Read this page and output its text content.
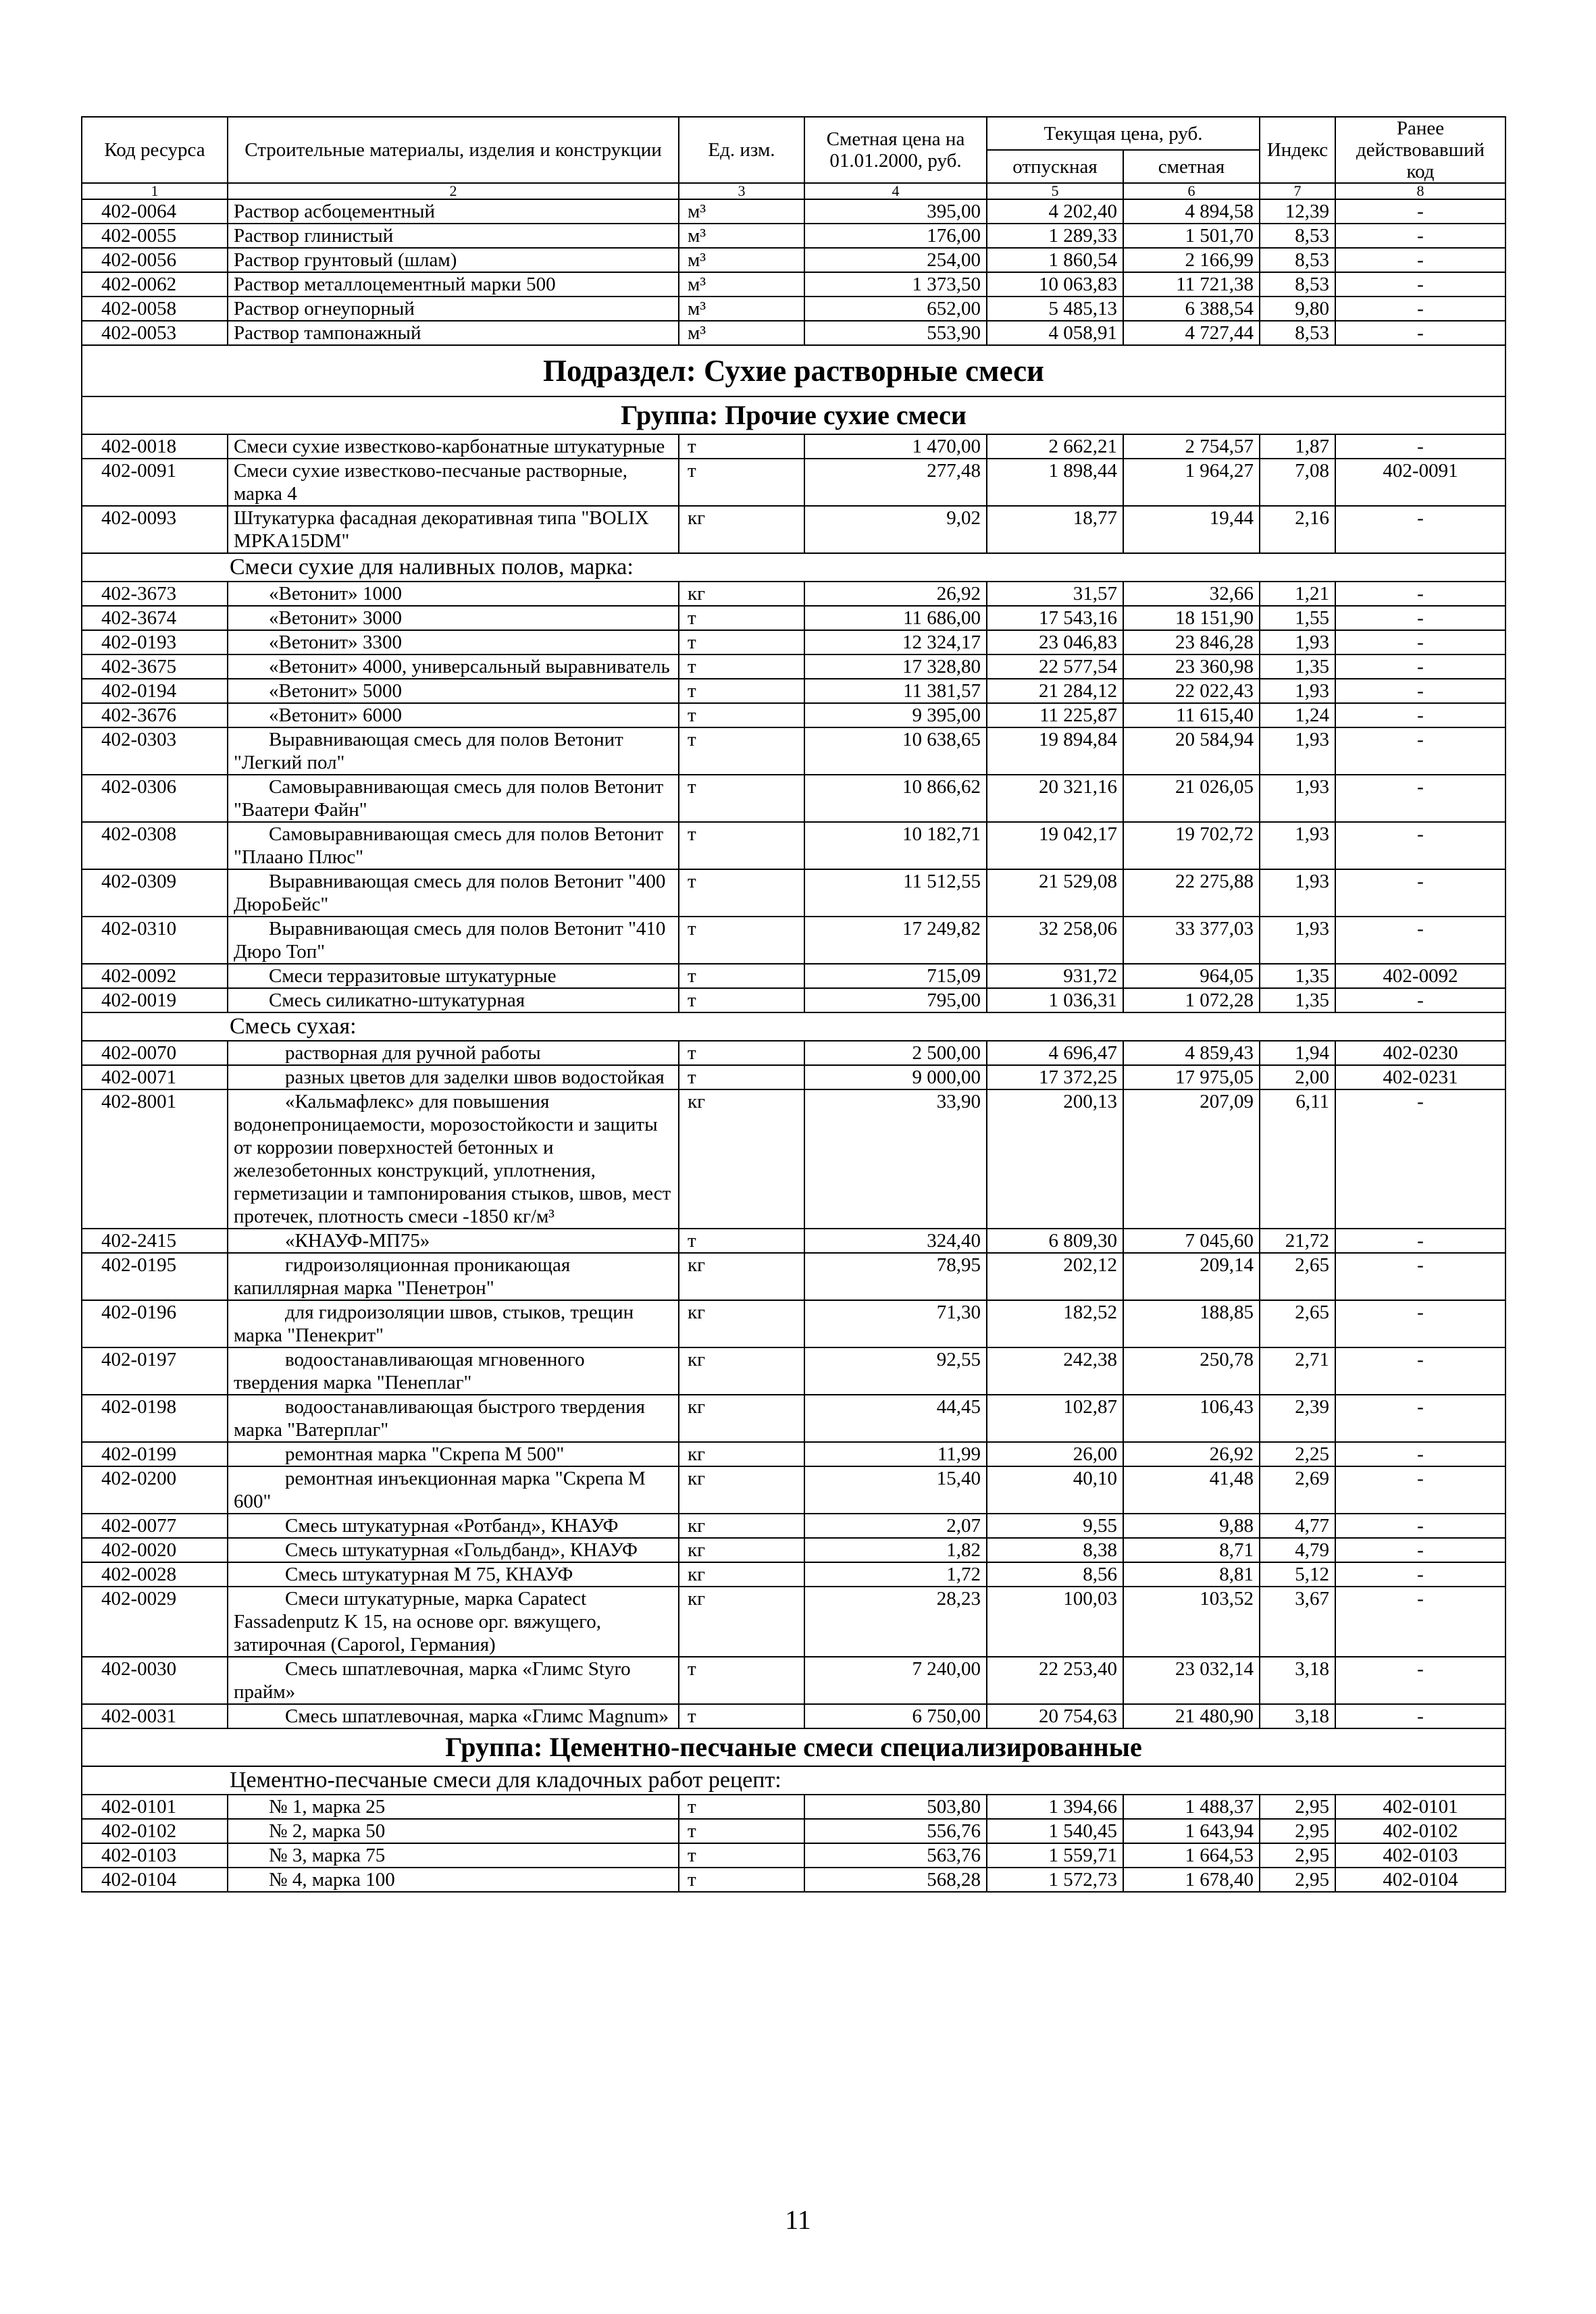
Код ресурса	Строительные материалы, изделия и конструкции	Ед. изм.	Сметная цена на 01.01.2000, руб.	Текущая цена, руб.		Индекс	Ранее действовавший код
				отпускная	сметная		
1	2	3	4	5	6	7	8
402-0064	Раствор асбоцементный	м³	395,00	4 202,40	4 894,58	12,39	-
402-0055	Раствор глинистый	м³	176,00	1 289,33	1 501,70	8,53	-
402-0056	Раствор грунтовый (шлам)	м³	254,00	1 860,54	2 166,99	8,53	-
402-0062	Раствор металлоцементный марки 500	м³	1 373,50	10 063,83	11 721,38	8,53	-
402-0058	Раствор огнеупорный	м³	652,00	5 485,13	6 388,54	9,80	-
402-0053	Раствор тампонажный	м³	553,90	4 058,91	4 727,44	8,53	-
Подраздел: Сухие растворные смеси							
Группа: Прочие сухие смеси							
402-0018	Смеси сухие известково-карбонатные штукатурные	т	1 470,00	2 662,21	2 754,57	1,87	-
402-0091	Смеси сухие известково-песчаные растворные, марка 4	т	277,48	1 898,44	1 964,27	7,08	402-0091
402-0093	Штукатурка фасадная декоративная типа "BOLIX MPKA15DM"	кг	9,02	18,77	19,44	2,16	-
Смеси сухие для наливных полов, марка:							
402-3673	«Ветонит» 1000	кг	26,92	31,57	32,66	1,21	-
402-3674	«Ветонит» 3000	т	11 686,00	17 543,16	18 151,90	1,55	-
402-0193	«Ветонит» 3300	т	12 324,17	23 046,83	23 846,28	1,93	-
402-3675	«Ветонит» 4000, универсальный выравниватель	т	17 328,80	22 577,54	23 360,98	1,35	-
402-0194	«Ветонит» 5000	т	11 381,57	21 284,12	22 022,43	1,93	-
402-3676	«Ветонит» 6000	т	9 395,00	11 225,87	11 615,40	1,24	-
402-0303	Выравнивающая смесь для полов Ветонит "Легкий пол"	т	10 638,65	19 894,84	20 584,94	1,93	-
402-0306	Самовыравнивающая смесь для полов Ветонит "Ваатери Файн"	т	10 866,62	20 321,16	21 026,05	1,93	-
402-0308	Самовыравнивающая смесь для полов Ветонит "Плаано Плюс"	т	10 182,71	19 042,17	19 702,72	1,93	-
402-0309	Выравнивающая смесь для полов Ветонит "400 ДюроБейс"	т	11 512,55	21 529,08	22 275,88	1,93	-
402-0310	Выравнивающая смесь для полов Ветонит "410 Дюро Топ"	т	17 249,82	32 258,06	33 377,03	1,93	-
402-0092	Смеси терразитовые штукатурные	т	715,09	931,72	964,05	1,35	402-0092
402-0019	Смесь силикатно-штукатурная	т	795,00	1 036,31	1 072,28	1,35	-
Смесь сухая:							
402-0070	растворная для ручной работы	т	2 500,00	4 696,47	4 859,43	1,94	402-0230
402-0071	разных цветов для заделки швов водостойкая	т	9 000,00	17 372,25	17 975,05	2,00	402-0231
402-8001	«Кальмафлекс» для повышения водонепроницаемости, морозостойкости и защиты от коррозии поверхностей бетонных и железобетонных конструкций, уплотнения, герметизации и тампонирования стыков, швов, мест протечек, плотность смеси -1850 кг/м³	кг	33,90	200,13	207,09	6,11	-
402-2415	«КНАУФ-МП75»	т	324,40	6 809,30	7 045,60	21,72	-
402-0195	гидроизоляционная проникающая капиллярная марка "Пенетрон"	кг	78,95	202,12	209,14	2,65	-
402-0196	для гидроизоляции швов, стыков, трещин марка "Пенекрит"	кг	71,30	182,52	188,85	2,65	-
402-0197	водоостанавливающая мгновенного твердения марка "Пенеплаг"	кг	92,55	242,38	250,78	2,71	-
402-0198	водоостанавливающая быстрого твердения марка "Ватерплаг"	кг	44,45	102,87	106,43	2,39	-
402-0199	ремонтная марка "Скрепа М 500"	кг	11,99	26,00	26,92	2,25	-
402-0200	ремонтная инъекционная марка "Скрепа М 600"	кг	15,40	40,10	41,48	2,69	-
402-0077	Смесь штукатурная «Ротбанд», КНАУФ	кг	2,07	9,55	9,88	4,77	-
402-0020	Смесь штукатурная «Гольдбанд», КНАУФ	кг	1,82	8,38	8,71	4,79	-
402-0028	Смесь штукатурная М 75, КНАУФ	кг	1,72	8,56	8,81	5,12	-
402-0029	Смеси штукатурные, марка Capatect Fassadenputz K 15, на основе орг. вяжущего, затирочная (Caporol, Германия)	кг	28,23	100,03	103,52	3,67	-
402-0030	Смесь шпатлевочная, марка «Глимс Styro прайм»	т	7 240,00	22 253,40	23 032,14	3,18	-
402-0031	Смесь шпатлевочная, марка «Глимс Magnum»	т	6 750,00	20 754,63	21 480,90	3,18	-
Группа: Цементно-песчаные смеси специализированные							
Цементно-песчаные смеси для кладочных работ рецепт:							
402-0101	№ 1, марка 25	т	503,80	1 394,66	1 488,37	2,95	402-0101
402-0102	№ 2, марка 50	т	556,76	1 540,45	1 643,94	2,95	402-0102
402-0103	№ 3, марка 75	т	563,76	1 559,71	1 664,53	2,95	402-0103
402-0104	№ 4, марка 100	т	568,28	1 572,73	1 678,40	2,95	402-0104
11
